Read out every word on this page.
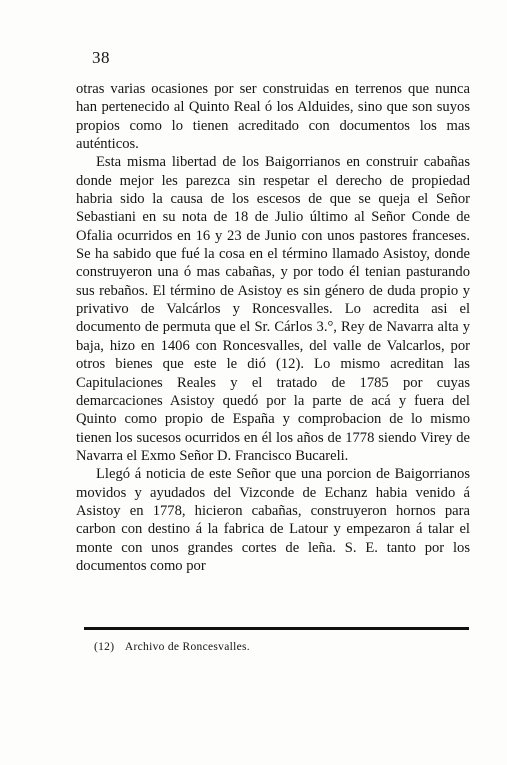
38

otras varias ocasiones por ser construidas en terrenos que nunca han pertenecido al Quinto Real ó los Alduides, sino que son suyos propios como lo tienen acreditado con documentos los mas auténticos.

Esta misma libertad de los Baigorrianos en construir cabañas donde mejor les parezca sin respetar el derecho de propiedad habria sido la causa de los escesos de que se queja el Señor Sebastiani en su nota de 18 de Julio último al Señor Conde de Ofalia ocurridos en 16 y 23 de Junio con unos pastores franceses. Se ha sabido que fué la cosa en el término llamado Asistoy, donde construyeron una ó mas cabañas, y por todo él tenian pasturando sus rebaños. El término de Asistoy es sin género de duda propio y privativo de Valcárlos y Roncesvalles. Lo acredita asi el documento de permuta que el Sr. Cárlos 3.°, Rey de Navarra alta y baja, hizo en 1406 con Roncesvalles, del valle de Valcarlos, por otros bienes que este le dió (12). Lo mismo acreditan las Capitulaciones Reales y el tratado de 1785 por cuyas demarcaciones Asistoy quedó por la parte de acá y fuera del Quinto como propio de España y comprobacion de lo mismo tienen los sucesos ocurridos en él los años de 1778 siendo Virey de Navarra el Exmo Señor D. Francisco Bucareli.

Llegó á noticia de este Señor que una porcion de Baigorrianos movidos y ayudados del Vizconde de Echanz habia venido á Asistoy en 1778, hicieron cabañas, construyeron hornos para carbon con destino á la fabrica de Latour y empezaron á talar el monte con unos grandes cortes de leña. S. E. tanto por los documentos como por

(12) Archivo de Roncesvalles.
